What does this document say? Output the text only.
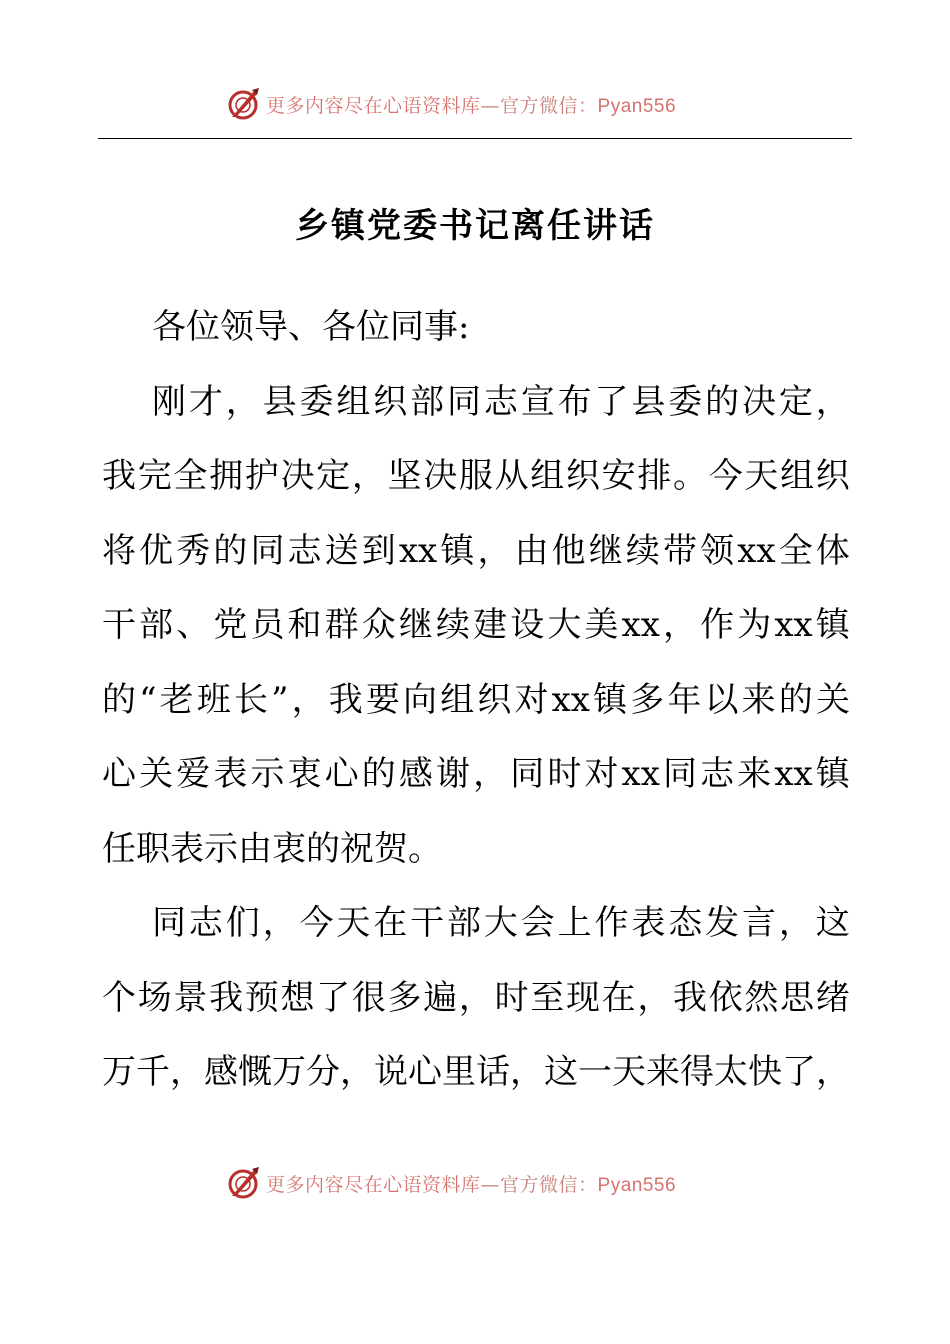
更多内容尽在心语资料库—官方微信：Pyan556
乡镇党委书记离任讲话
各位领导、各位同事:
刚 才 ， 县 委 组 织 部 同 志 宣 布 了 县 委 的 决 定 ，
我 完 全 拥 护 决 定 ， 坚 决 服 从 组 织 安 排 。 今 天 组 织
将 优 秀 的 同 志 送 到 xx 镇 ， 由 他 继 续 带 领 xx 全 体
干 部 、 党 员 和 群 众 继 续 建 设 大 美 xx ， 作 为 xx 镇
的 “ 老 班 长 ” ， 我 要 向 组 织 对 xx 镇 多 年 以 来 的 关
心 关 爱 表 示 衷 心 的 感 谢 ， 同 时 对 xx 同 志 来 xx 镇
任职表示由衷的祝贺。
同 志 们 ， 今 天 在 干 部 大 会 上 作 表 态 发 言 ， 这
个 场 景 我 预 想 了 很 多 遍 ， 时 至 现 在 ， 我 依 然 思 绪
万 千 ， 感 慨 万 分 ， 说 心 里 话 ， 这 一 天 来 得 太 快 了 ，
更多内容尽在心语资料库—官方微信：Pyan556
